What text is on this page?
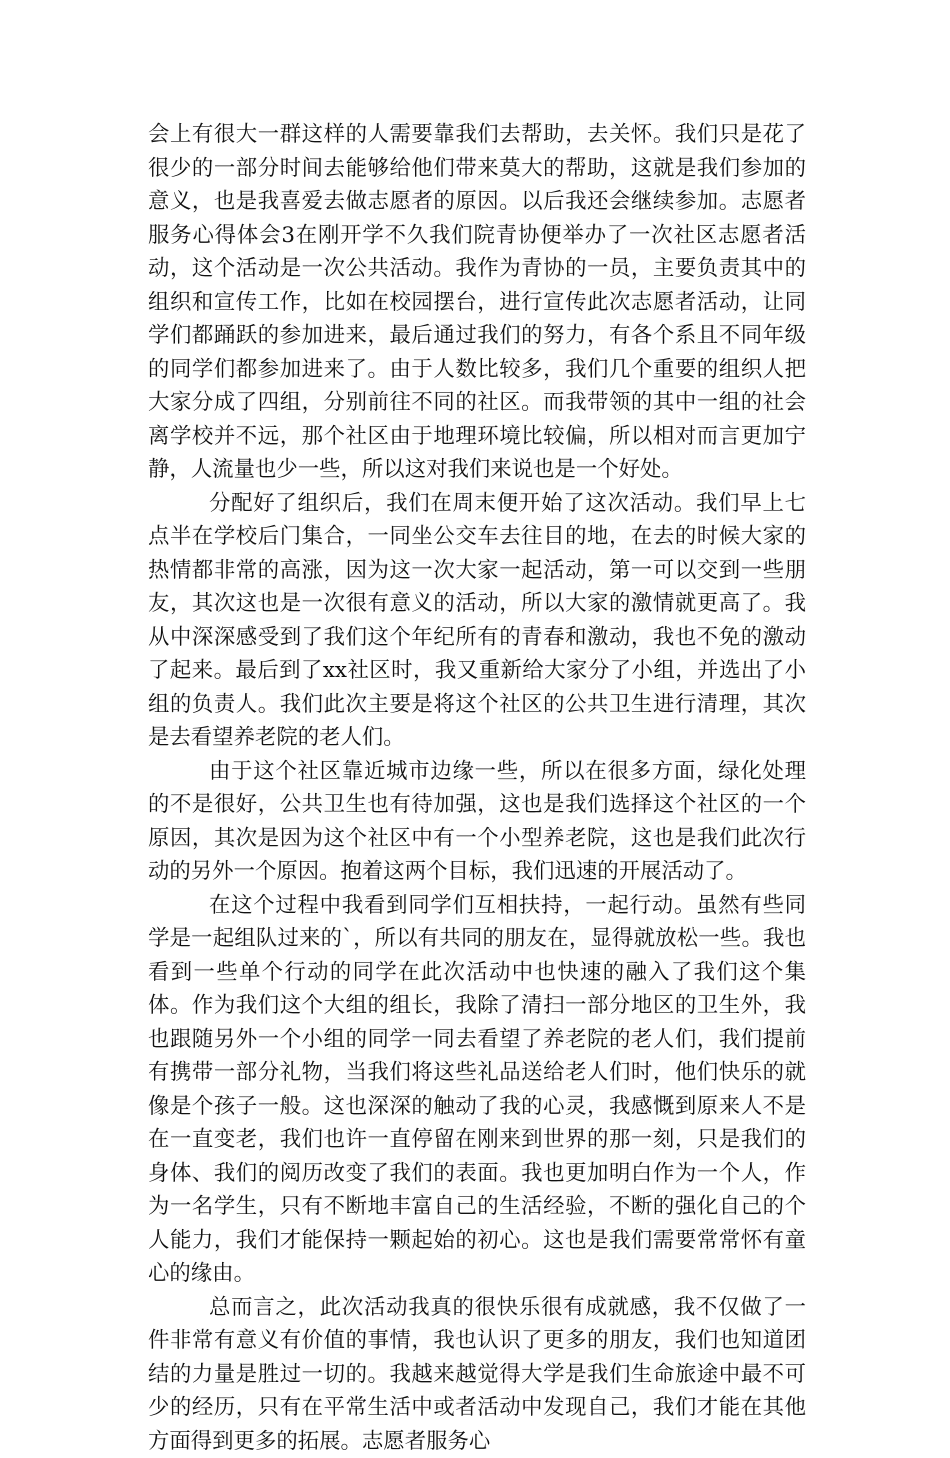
会上有很大一群这样的人需要靠我们去帮助，去关怀。我们只是花了很少的一部分时间去能够给他们带来莫大的帮助，这就是我们参加的意义，也是我喜爱去做志愿者的原因。以后我还会继续参加。志愿者服务心得体会3在刚开学不久我们院青协便举办了一次社区志愿者活动，这个活动是一次公共活动。我作为青协的一员，主要负责其中的组织和宣传工作，比如在校园摆台，进行宣传此次志愿者活动，让同学们都踊跃的参加进来，最后通过我们的努力，有各个系且不同年级的同学们都参加进来了。由于人数比较多，我们几个重要的组织人把大家分成了四组，分别前往不同的社区。而我带领的其中一组的社会离学校并不远，那个社区由于地理环境比较偏，所以相对而言更加宁静，人流量也少一些，所以这对我们来说也是一个好处。

分配好了组织后，我们在周末便开始了这次活动。我们早上七点半在学校后门集合，一同坐公交车去往目的地，在去的时候大家的热情都非常的高涨，因为这一次大家一起活动，第一可以交到一些朋友，其次这也是一次很有意义的活动，所以大家的激情就更高了。我从中深深感受到了我们这个年纪所有的青春和激动，我也不免的激动了起来。最后到了xx社区时，我又重新给大家分了小组，并选出了小组的负责人。我们此次主要是将这个社区的公共卫生进行清理，其次是去看望养老院的老人们。

由于这个社区靠近城市边缘一些，所以在很多方面，绿化处理的不是很好，公共卫生也有待加强，这也是我们选择这个社区的一个原因，其次是因为这个社区中有一个小型养老院，这也是我们此次行动的另外一个原因。抱着这两个目标，我们迅速的开展活动了。

在这个过程中我看到同学们互相扶持，一起行动。虽然有些同学是一起组队过来的`，所以有共同的朋友在，显得就放松一些。我也看到一些单个行动的同学在此次活动中也快速的融入了我们这个集体。作为我们这个大组的组长，我除了清扫一部分地区的卫生外，我也跟随另外一个小组的同学一同去看望了养老院的老人们，我们提前有携带一部分礼物，当我们将这些礼品送给老人们时，他们快乐的就像是个孩子一般。这也深深的触动了我的心灵，我感慨到原来人不是在一直变老，我们也许一直停留在刚来到世界的那一刻，只是我们的身体、我们的阅历改变了我们的表面。我也更加明白作为一个人，作为一名学生，只有不断地丰富自己的生活经验，不断的强化自己的个人能力，我们才能保持一颗起始的初心。这也是我们需要常常怀有童心的缘由。

总而言之，此次活动我真的很快乐很有成就感，我不仅做了一件非常有意义有价值的事情，我也认识了更多的朋友，我们也知道团结的力量是胜过一切的。我越来越觉得大学是我们生命旅途中最不可少的经历，只有在平常生活中或者活动中发现自己，我们才能在其他方面得到更多的拓展。志愿者服务心
